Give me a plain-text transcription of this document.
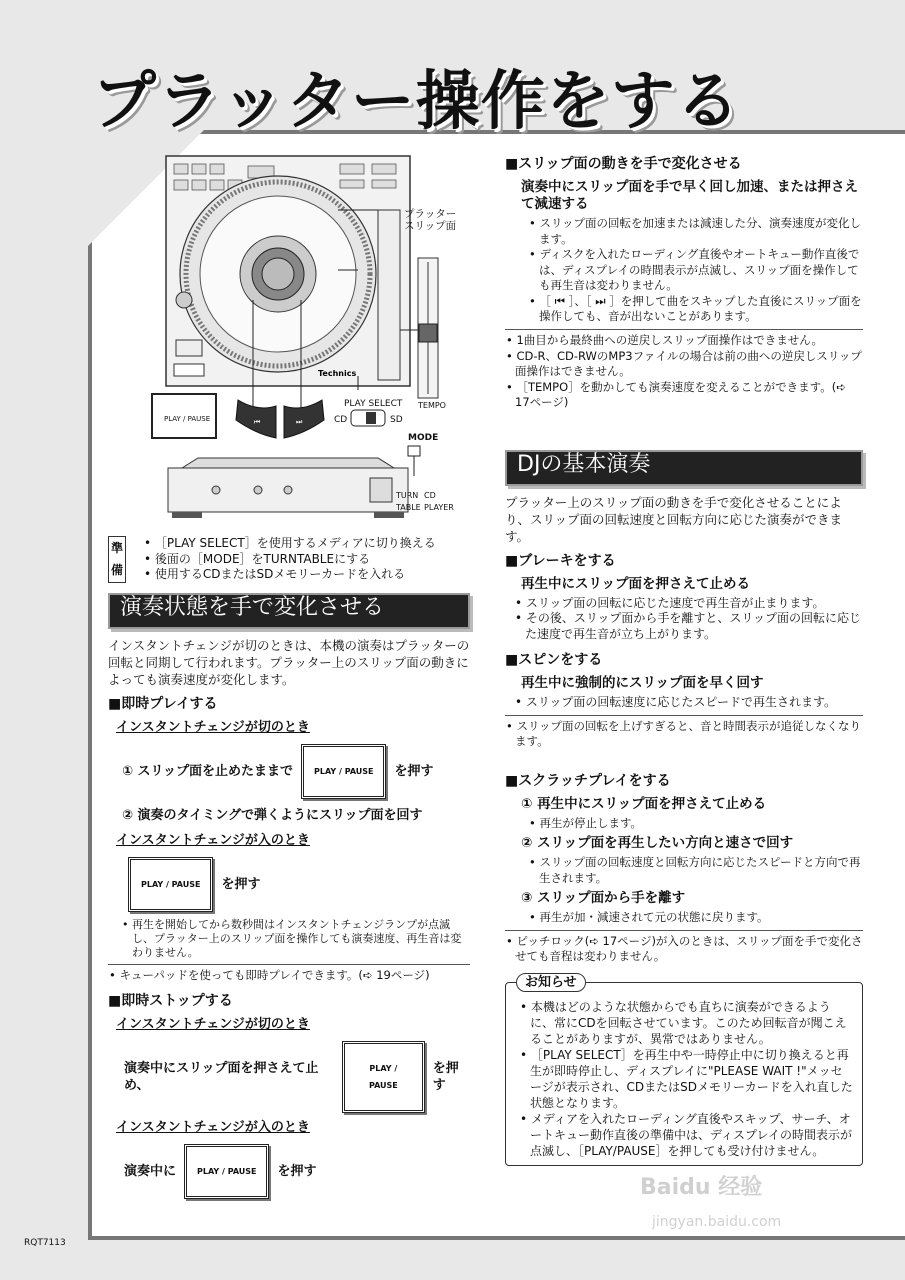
プラッター操作をする
Technics
⏮	⏭
プラッター
スリップ面
PLAY / PAUSE
PLAY SELECT
CD	SD
TEMPO
MODE
TURN
TABLE
CD
PLAYER
準
備
• ［PLAY SELECT］を使用するメディアに切り換える
• 後面の［MODE］をTURNTABLEにする
• 使用するCDまたはSDメモリーカードを入れる
演奏状態を手で変化させる
インスタントチェンジが切のときは、本機の演奏はプラッターの回転と同期して行われます。プラッター上のスリップ面の動きによっても演奏速度が変化します。
■即時プレイする
インスタントチェンジが切のとき
① スリップ面を止めたままで	PLAY / PAUSE	を押す
② 演奏のタイミングで弾くようにスリップ面を回す
インスタントチェンジが入のとき
PLAY / PAUSE	を押す
• 再生を開始してから数秒間はインスタントチェンジランプが点滅し、プラッター上のスリップ面を操作しても演奏速度、再生音は変わりません。
• キューパッドを使っても即時プレイできます。(➪ 19ページ)
■即時ストップする
インスタントチェンジが切のとき
演奏中にスリップ面を押さえて止め、
PLAY / PAUSE
を押す
インスタントチェンジが入のとき
演奏中に	PLAY / PAUSE	を押す
■スリップ面の動きを手で変化させる
演奏中にスリップ面を手で早く回し加速、または押さえて減速する
• スリップ面の回転を加速または減速した分、演奏速度が変化します。
• ディスクを入れたローディング直後やオートキュー動作直後では、ディスプレイの時間表示が点滅し、スリップ面を操作しても再生音は変わりません。
• ［ ⏮ ］、［ ⏭ ］を押して曲をスキップした直後にスリップ面を操作しても、音が出ないことがあります。
• 1曲目から最終曲への逆戻しスリップ面操作はできません。
• CD-R、CD-RWのMP3ファイルの場合は前の曲への逆戻しスリップ面操作はできません。
• ［TEMPO］を動かしても演奏速度を変えることができます。(➪ 17ページ)
DJの基本演奏
プラッター上のスリップ面の動きを手で変化させることにより、スリップ面の回転速度と回転方向に応じた演奏ができます。
■ブレーキをする
再生中にスリップ面を押さえて止める
• スリップ面の回転に応じた速度で再生音が止まります。
• その後、スリップ面から手を離すと、スリップ面の回転に応じた速度で再生音が立ち上がります。
■スピンをする
再生中に強制的にスリップ面を早く回す
• スリップ面の回転速度に応じたスピードで再生されます。
• スリップ面の回転を上げすぎると、音と時間表示が追従しなくなります。
■スクラッチプレイをする
① 再生中にスリップ面を押さえて止める
• 再生が停止します。
② スリップ面を再生したい方向と速さで回す
• スリップ面の回転速度と回転方向に応じたスピードと方向で再生されます。
③ スリップ面から手を離す
• 再生が加・減速されて元の状態に戻ります。
• ピッチロック(➪ 17ページ)が入のときは、スリップ面を手で変化させても音程は変わりません。
お知らせ
• 本機はどのような状態からでも直ちに演奏ができるように、常にCDを回転させています。このため回転音が聞こえることがありますが、異常ではありません。
• ［PLAY SELECT］を再生中や一時停止中に切り換えると再生が即時停止し、ディスプレイに"PLEASE WAIT !"メッセージが表示され、CDまたはSDメモリーカードを入れ直した状態となります。
• メディアを入れたローディング直後やスキップ、サーチ、オートキュー動作直後の準備中は、ディスプレイの時間表示が点滅し、［PLAY/PAUSE］を押しても受け付けません。
RQT7113
Baidu 经验
jingyan.baidu.com
